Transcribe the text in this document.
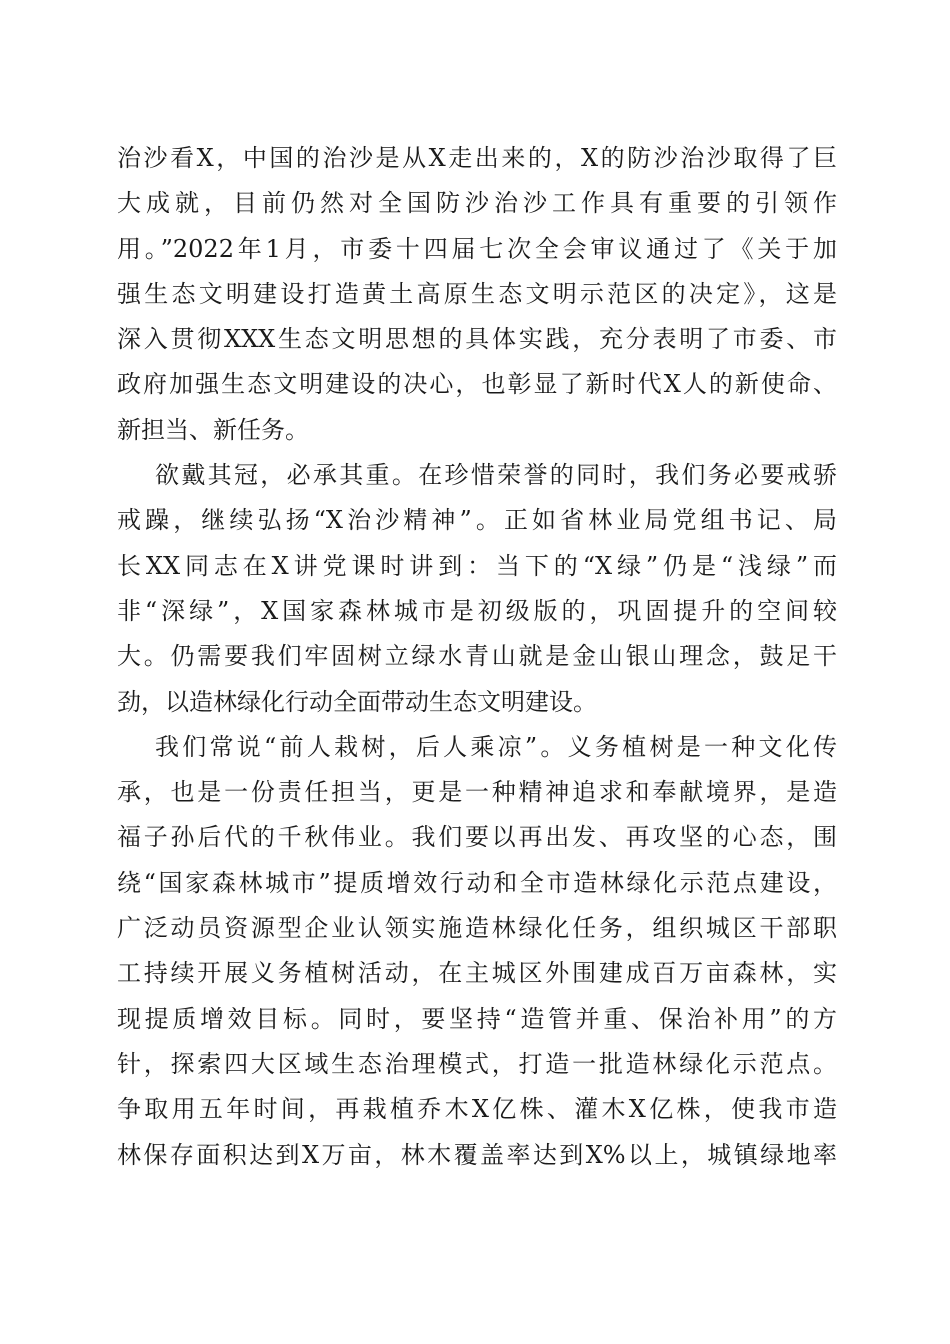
治沙看X，中国的治沙是从X走出来的，X的防沙治沙取得了巨
大成就，目前仍然对全国防沙治沙工作具有重要的引领作
用。”2022年1月，市委十四届七次全会审议通过了《关于加
强生态文明建设打造黄土高原生态文明示范区的决定》，这是
深入贯彻XXX生态文明思想的具体实践，充分表明了市委、市
政府加强生态文明建设的决心，也彰显了新时代X人的新使命、
新担当、新任务。
欲戴其冠，必承其重。在珍惜荣誉的同时，我们务必要戒骄
戒躁，继续弘扬“X治沙精神”。正如省林业局党组书记、局
长XX同志在X讲党课时讲到：当下的“X绿”仍是“浅绿”而
非“深绿”，X国家森林城市是初级版的，巩固提升的空间较
大。仍需要我们牢固树立绿水青山就是金山银山理念，鼓足干
劲，以造林绿化行动全面带动生态文明建设。
我们常说“前人栽树，后人乘凉”。义务植树是一种文化传
承，也是一份责任担当，更是一种精神追求和奉献境界，是造
福子孙后代的千秋伟业。我们要以再出发、再攻坚的心态，围
绕“国家森林城市”提质增效行动和全市造林绿化示范点建设，
广泛动员资源型企业认领实施造林绿化任务，组织城区干部职
工持续开展义务植树活动，在主城区外围建成百万亩森林，实
现提质增效目标。同时，要坚持“造管并重、保治补用”的方
针，探索四大区域生态治理模式，打造一批造林绿化示范点。
争取用五年时间，再栽植乔木X亿株、灌木X亿株，使我市造
林保存面积达到X万亩，林木覆盖率达到X%以上，城镇绿地率
